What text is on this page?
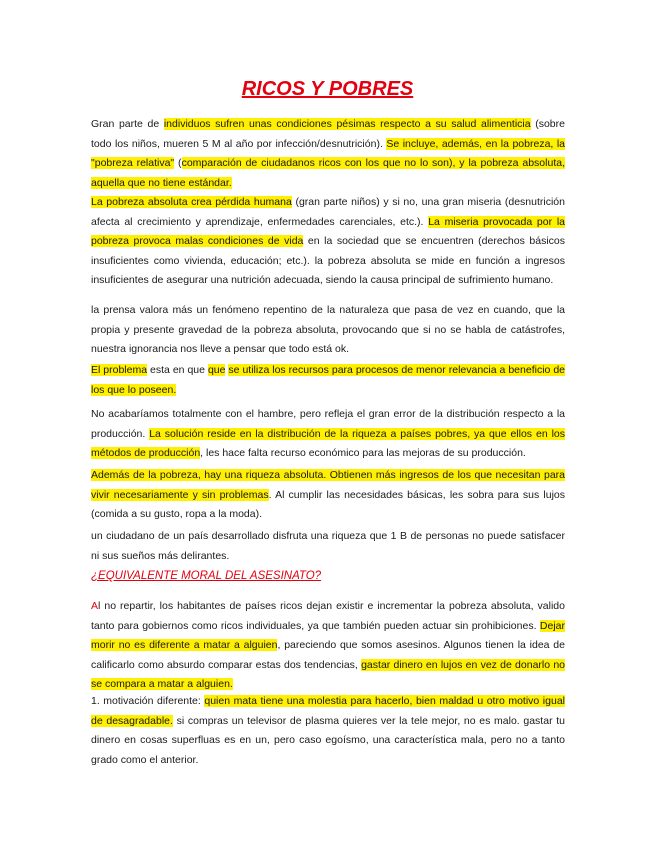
RICOS Y POBRES
Gran parte de individuos sufren unas condiciones pésimas respecto a su salud alimenticia (sobre todo los niños, mueren 5 M al año por infección/desnutrición). Se incluye, además, en la pobreza, la "pobreza relativa" (comparación de ciudadanos ricos con los que no lo son), y la pobreza absoluta, aquella que no tiene estándar.
La pobreza absoluta crea pérdida humana (gran parte niños) y si no, una gran miseria (desnutrición afecta al crecimiento y aprendizaje, enfermedades carenciales, etc.). La miseria provocada por la pobreza provoca malas condiciones de vida en la sociedad que se encuentren (derechos básicos insuficientes como vivienda, educación; etc.). la pobreza absoluta se mide en función a ingresos insuficientes de asegurar una nutrición adecuada, siendo la causa principal de sufrimiento humano.
la prensa valora más un fenómeno repentino de la naturaleza que pasa de vez en cuando, que la propia y presente gravedad de la pobreza absoluta, provocando que si no se habla de catástrofes, nuestra ignorancia nos lleve a pensar que todo está ok.
El problema esta en que que se utiliza los recursos para procesos de menor relevancia a beneficio de los que lo poseen.
No acabaríamos totalmente con el hambre, pero refleja el gran error de la distribución respecto a la producción. La solución reside en la distribución de la riqueza a países pobres, ya que ellos en los métodos de producción, les hace falta recurso económico para las mejoras de su producción.
Además de la pobreza, hay una riqueza absoluta. Obtienen más ingresos de los que necesitan para vivir necesariamente y sin problemas. Al cumplir las necesidades básicas, les sobra para sus lujos (comida a su gusto, ropa a la moda).
un ciudadano de un país desarrollado disfruta una riqueza que 1 B de personas no puede satisfacer ni sus sueños más delirantes.
¿EQUIVALENTE MORAL DEL ASESINATO?
Al no repartir, los habitantes de países ricos dejan existir e incrementar la pobreza absoluta, valido tanto para gobiernos como ricos individuales, ya que también pueden actuar sin prohibiciones. Dejar morir no es diferente a matar a alguien, pareciendo que somos asesinos. Algunos tienen la idea de calificarlo como absurdo comparar estas dos tendencias, gastar dinero en lujos en vez de donarlo no se compara a matar a alguien.
1. motivación diferente: quien mata tiene una molestia para hacerlo, bien maldad u otro motivo igual de desagradable. si compras un televisor de plasma quieres ver la tele mejor, no es malo. gastar tu dinero en cosas superfluas es en un, pero caso egoísmo, una característica mala, pero no a tanto grado como el anterior.
